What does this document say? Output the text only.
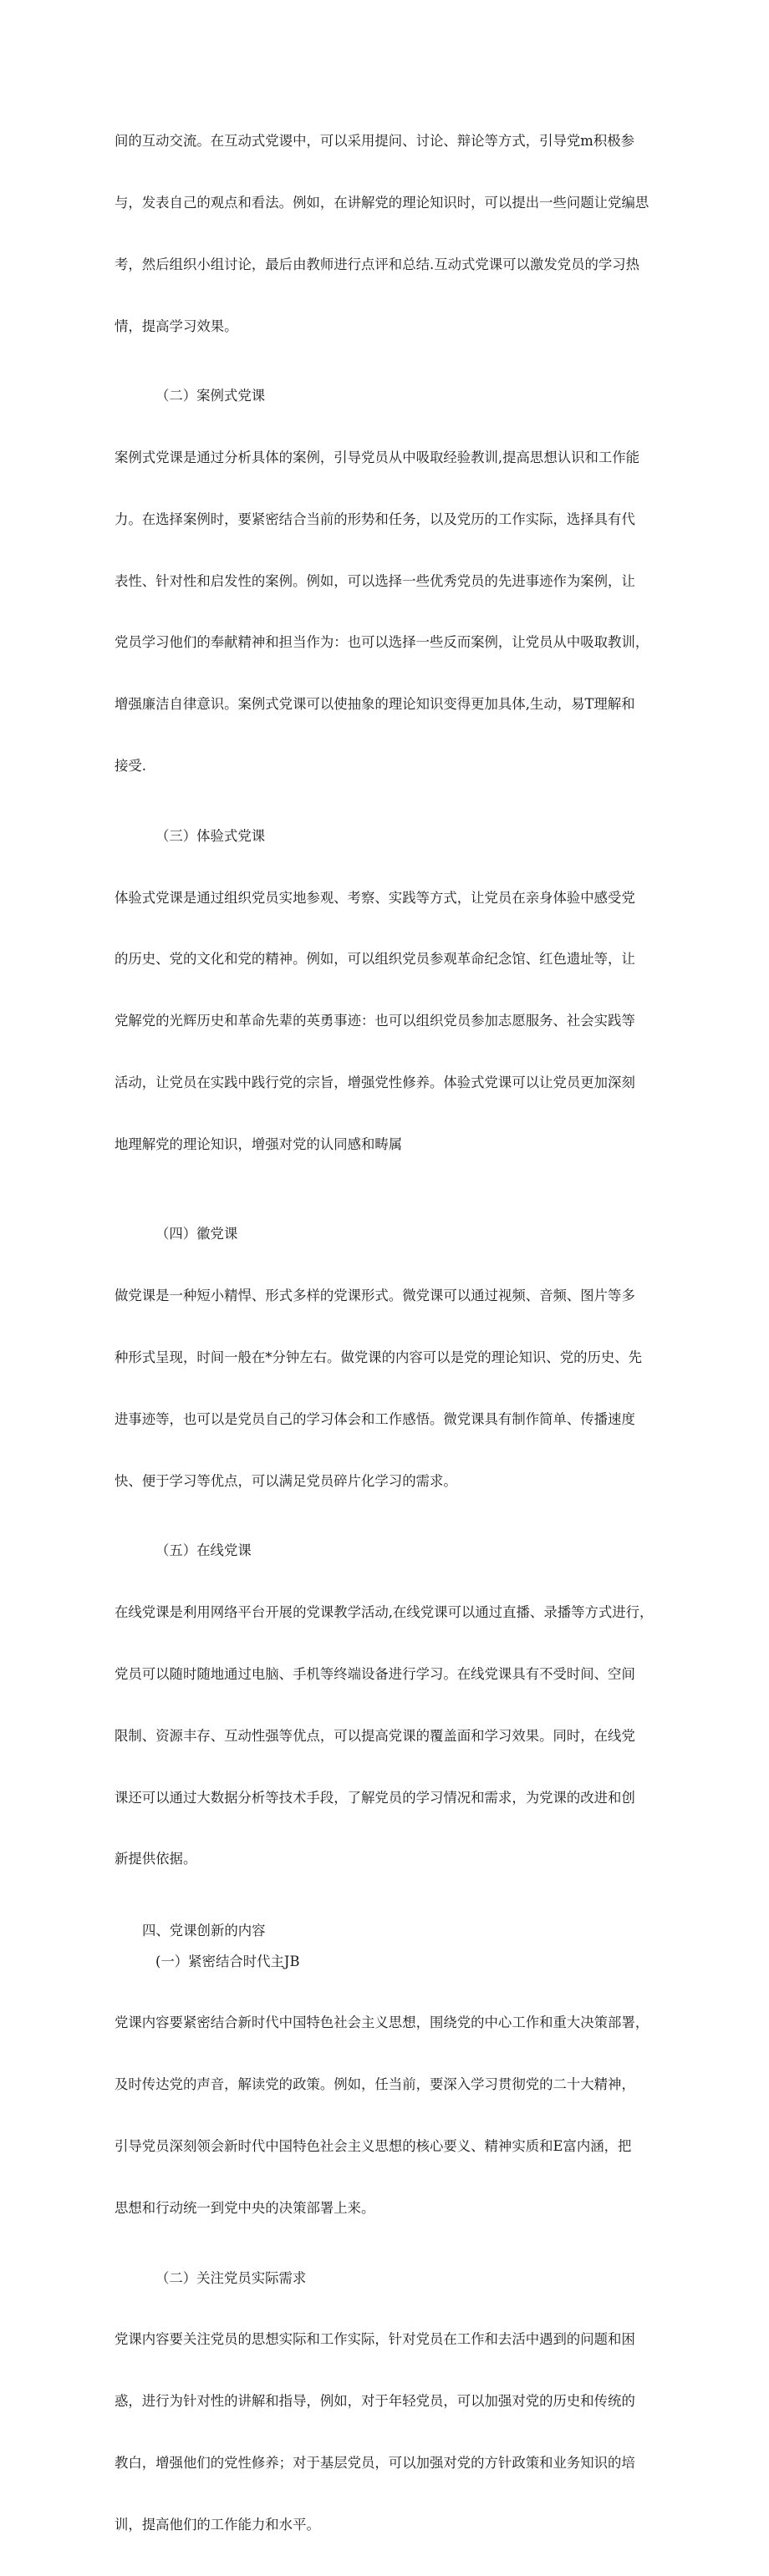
间的互动交流。在互动式党谡中，可以采用提问、讨论、辩论等方式，引导党m积极参

与，发表自己的观点和看法。例如，在讲解党的理论知识时，可以提出一些问题让党编思

考，然后组织小组讨论，最后由教师进行点评和总结.互动式党课可以激发党员的学习热

情，提高学习效果。

（二）案例式党课

案例式党课是通过分析具体的案例，引导党员从中吸取经验教训,提高思想认识和工作能

力。在选择案例时，要紧密结合当前的形势和任务，以及党历的工作实际，选择具有代

表性、针对性和启发性的案例。例如，可以选择一些优秀党员的先进事迹作为案例，让

党员学习他们的奉献精神和担当作为：也可以选择一些反而案例，让党员从中吸取教训，

增强廉洁自律意识。案例式党课可以使抽象的理论知识变得更加具体,生动，易T理解和

接受.

（三）体验式党课

体验式党课是通过组织党员实地参观、考察、实践等方式，让党员在亲身体验中感受党

的历史、党的文化和党的精神。例如，可以组织党员参观革命纪念馆、红色遗址等，让

党解党的光辉历史和革命先辈的英勇事迹：也可以组织党员参加志愿服务、社会实践等

活动，让党员在实践中践行党的宗旨，增强党性修养。体验式党课可以让党员更加深刻

地理解党的理论知识，增强对党的认同感和畴属

（四）徽党课

做党课是一种短小精悍、形式多样的党课形式。微党课可以通过视频、音频、图片等多

种形式呈现，时间一般在*分钟左右。做党课的内容可以是党的理论知识、党的历史、先

进事迹等，也可以是党员自己的学习体会和工作感悟。微党课具有制作简单、传播速度

快、便于学习等优点，可以满足党员碎片化学习的需求。

（五）在线党课

在线党课是利用网络平台开展的党课教学活动,在线党课可以通过直播、录播等方式进行，

党员可以随时随地通过电脑、手机等终端设备进行学习。在线党课具有不受时间、空间

限制、资源丰存、互动性强等优点，可以提高党课的覆盖面和学习效果。同时，在线党

课还可以通过大数据分析等技术手段，了解党员的学习情况和需求，为党课的改进和创

新提供依据。

四、党课创新的内容

(一）紧密结合时代主JB

党课内容要紧密结合新时代中国特色社会主义思想，围绕党的中心工作和重大决策部署，

及时传达党的声音，解读党的政策。例如，任当前，要深入学习贯彻党的二十大精神，

引导党员深刻领会新时代中国特色社会主义思想的核心要义、精神实质和E富内涵，把

思想和行动统一到党中央的决策部署上来。

（二）关注党员实际需求

党课内容要关注党员的思想实际和工作实际，针对党员在工作和去活中遇到的问题和困

惑，进行为针对性的讲解和指导，例如，对于年轻党员，可以加强对党的历史和传统的

教白，增强他们的党性修养；对于基层党员，可以加强对党的方针政策和业务知识的培

训，提高他们的工作能力和水平。
